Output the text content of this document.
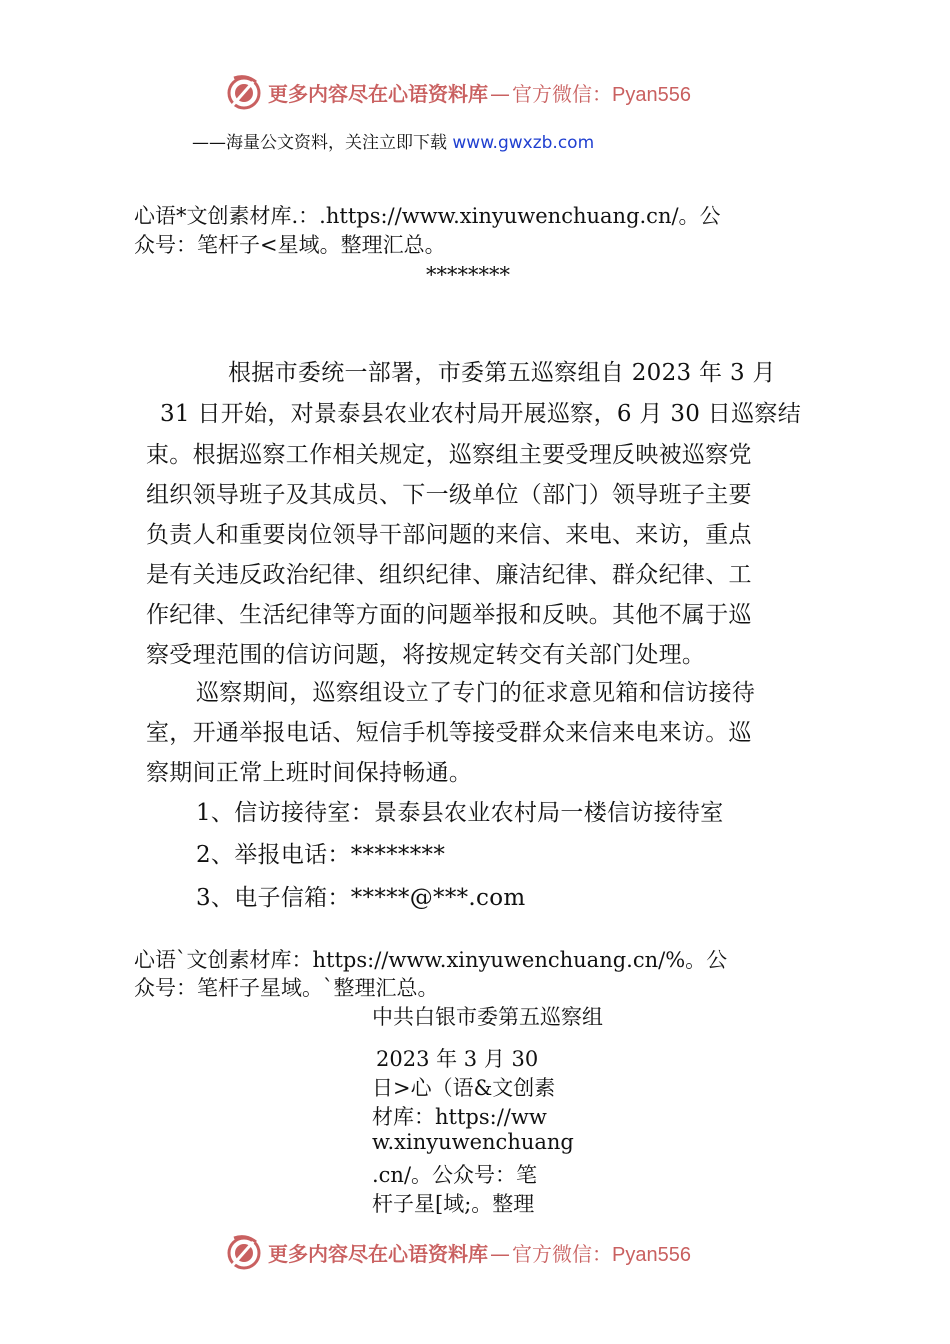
更多内容尽在心语资料库 — 官方微信：Pyan556
——海量公文资料，关注立即下载 www.gwxzb.com
心语*文创素材库.：.https://www.xinyuwenchuang.cn/。公
众号：笔杆子<星域。整理汇总。
********
根据市委统一部署，市委第五巡察组自 2023 年 3 月
31 日开始，对景泰县农业农村局开展巡察，6 月 30 日巡察结
束。根据巡察工作相关规定，巡察组主要受理反映被巡察党
组织领导班子及其成员、下一级单位（部门）领导班子主要
负责人和重要岗位领导干部问题的来信、来电、来访，重点
是有关违反政治纪律、组织纪律、廉洁纪律、群众纪律、工
作纪律、生活纪律等方面的问题举报和反映。其他不属于巡
察受理范围的信访问题，将按规定转交有关部门处理。
巡察期间，巡察组设立了专门的征求意见箱和信访接待
室，开通举报电话、短信手机等接受群众来信来电来访。巡
察期间正常上班时间保持畅通。
1、信访接待室：景泰县农业农村局一楼信访接待室
2、举报电话：********
3、电子信箱：*****@***.com
心语`文创素材库：https://www.xinyuwenchuang.cn/%。公
众号：笔杆子星域。`整理汇总。
中共白银市委第五巡察组
2023 年 3 月 30
日>心（语&文创素
材库：https://ww
w.xinyuwenchuang
.cn/。公众号：笔
杆子星[域;。整理
更多内容尽在心语资料库 — 官方微信：Pyan556
